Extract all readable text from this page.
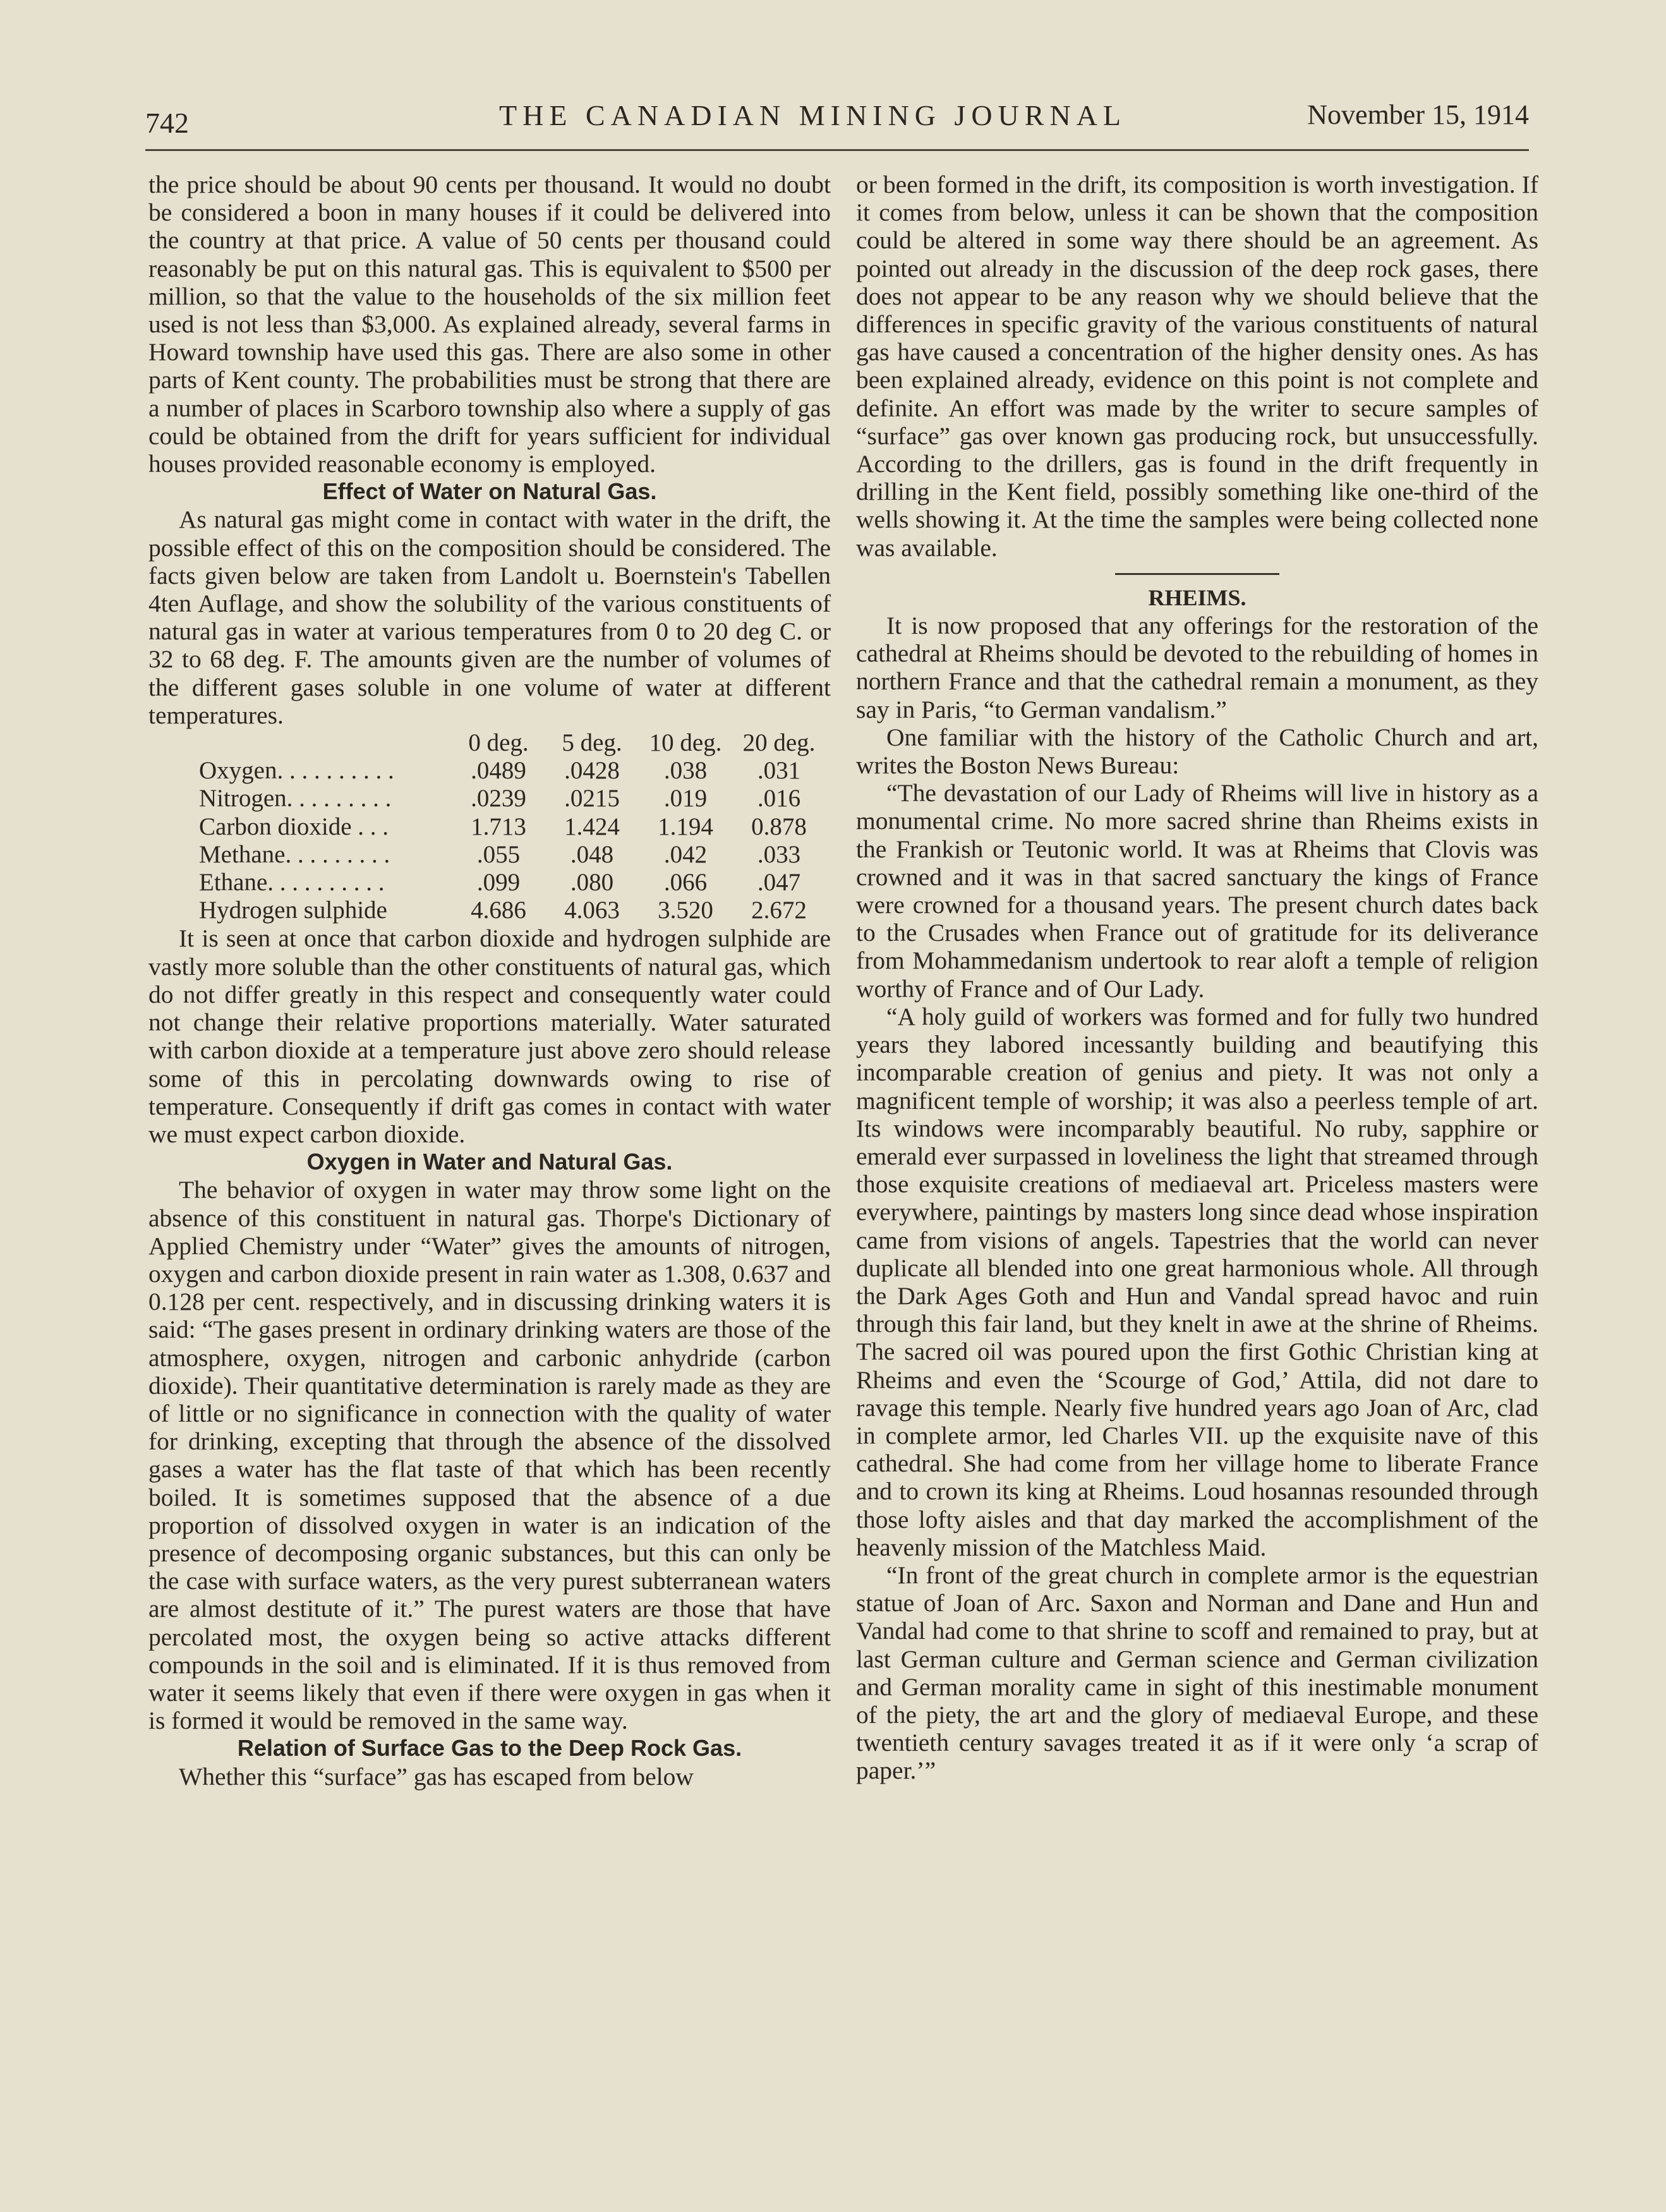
742	THE CANADIAN MINING JOURNAL	November 15, 1914

the price should be about 90 cents per thousand. It would no doubt be considered a boon in many houses if it could be delivered into the country at that price. A value of 50 cents per thousand could reasonably be put on this natural gas. This is equivalent to $500 per million, so that the value to the households of the six million feet used is not less than $3,000. As explained already, several farms in Howard township have used this gas. There are also some in other parts of Kent county. The probabilities must be strong that there are a number of places in Scarboro township also where a supply of gas could be obtained from the drift for years sufficient for individual houses provided reasonable economy is employed.

Effect of Water on Natural Gas.

As natural gas might come in contact with water in the drift, the possible effect of this on the composition should be considered. The facts given below are taken from Landolt u. Boernstein's Tabellen 4ten Auflage, and show the solubility of the various constituents of natural gas in water at various temperatures from 0 to 20 deg C. or 32 to 68 deg. F. The amounts given are the number of volumes of the different gases soluble in one volume of water at different temperatures.

	0 deg.	5 deg.	10 deg.	20 deg.
Oxygen. . . . . . . . . .	.0489	.0428	.038	.031
Nitrogen. . . . . . . . .	.0239	.0215	.019	.016
Carbon dioxide . . .	1.713	1.424	1.194	0.878
Methane. . . . . . . . .	.055	.048	.042	.033
Ethane. . . . . . . . . .	.099	.080	.066	.047
Hydrogen sulphide	4.686	4.063	3.520	2.672

It is seen at once that carbon dioxide and hydrogen sulphide are vastly more soluble than the other constituents of natural gas, which do not differ greatly in this respect and consequently water could not change their relative proportions materially. Water saturated with carbon dioxide at a temperature just above zero should release some of this in percolating downwards owing to rise of temperature. Consequently if drift gas comes in contact with water we must expect carbon dioxide.

Oxygen in Water and Natural Gas.

The behavior of oxygen in water may throw some light on the absence of this constituent in natural gas. Thorpe's Dictionary of Applied Chemistry under “Water” gives the amounts of nitrogen, oxygen and carbon dioxide present in rain water as 1.308, 0.637 and 0.128 per cent. respectively, and in discussing drinking waters it is said: “The gases present in ordinary drinking waters are those of the atmosphere, oxygen, nitrogen and carbonic anhydride (carbon dioxide). Their quantitative determination is rarely made as they are of little or no significance in connection with the quality of water for drinking, excepting that through the absence of the dissolved gases a water has the flat taste of that which has been recently boiled. It is sometimes supposed that the absence of a due proportion of dissolved oxygen in water is an indication of the presence of decomposing organic substances, but this can only be the case with surface waters, as the very purest subterranean waters are almost destitute of it.” The purest waters are those that have percolated most, the oxygen being so active attacks different compounds in the soil and is eliminated. If it is thus removed from water it seems likely that even if there were oxygen in gas when it is formed it would be removed in the same way.

Relation of Surface Gas to the Deep Rock Gas.

Whether this “surface” gas has escaped from below

or been formed in the drift, its composition is worth investigation. If it comes from below, unless it can be shown that the composition could be altered in some way there should be an agreement. As pointed out already in the discussion of the deep rock gases, there does not appear to be any reason why we should believe that the differences in specific gravity of the various constituents of natural gas have caused a concentration of the higher density ones. As has been explained already, evidence on this point is not complete and definite. An effort was made by the writer to secure samples of “surface” gas over known gas producing rock, but unsuccessfully. According to the drillers, gas is found in the drift frequently in drilling in the Kent field, possibly something like one-third of the wells showing it. At the time the samples were being collected none was available.

RHEIMS.

It is now proposed that any offerings for the restoration of the cathedral at Rheims should be devoted to the rebuilding of homes in northern France and that the cathedral remain a monument, as they say in Paris, “to German vandalism.”

One familiar with the history of the Catholic Church and art, writes the Boston News Bureau:

“The devastation of our Lady of Rheims will live in history as a monumental crime. No more sacred shrine than Rheims exists in the Frankish or Teutonic world. It was at Rheims that Clovis was crowned and it was in that sacred sanctuary the kings of France were crowned for a thousand years. The present church dates back to the Crusades when France out of gratitude for its deliverance from Mohammedanism undertook to rear aloft a temple of religion worthy of France and of Our Lady.

“A holy guild of workers was formed and for fully two hundred years they labored incessantly building and beautifying this incomparable creation of genius and piety. It was not only a magnificent temple of worship; it was also a peerless temple of art. Its windows were incomparably beautiful. No ruby, sapphire or emerald ever surpassed in loveliness the light that streamed through those exquisite creations of mediaeval art. Priceless masters were everywhere, paintings by masters long since dead whose inspiration came from visions of angels. Tapestries that the world can never duplicate all blended into one great harmonious whole. All through the Dark Ages Goth and Hun and Vandal spread havoc and ruin through this fair land, but they knelt in awe at the shrine of Rheims. The sacred oil was poured upon the first Gothic Christian king at Rheims and even the ‘Scourge of God,’ Attila, did not dare to ravage this temple. Nearly five hundred years ago Joan of Arc, clad in complete armor, led Charles VII. up the exquisite nave of this cathedral. She had come from her village home to liberate France and to crown its king at Rheims. Loud hosannas resounded through those lofty aisles and that day marked the accomplishment of the heavenly mission of the Matchless Maid.

“In front of the great church in complete armor is the equestrian statue of Joan of Arc. Saxon and Norman and Dane and Hun and Vandal had come to that shrine to scoff and remained to pray, but at last German culture and German science and German civilization and German morality came in sight of this inestimable monument of the piety, the art and the glory of mediaeval Europe, and these twentieth century savages treated it as if it were only ‘a scrap of paper.’”
